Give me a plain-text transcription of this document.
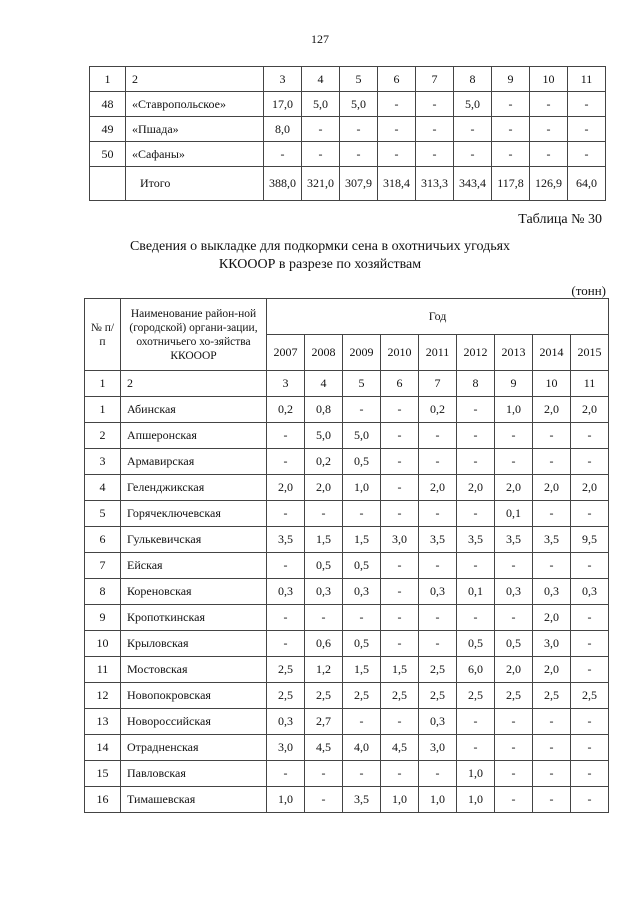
127
1	2	3	4	5	6	7	8	9	10	11
48	«Ставропольское»	17,0	5,0	5,0	-	-	5,0	-	-	-
49	«Пшада»	8,0	-	-	-	-	-	-	-	-
50	«Сафаны»	-	-	-	-	-	-	-	-	-
	Итого	388,0	321,0	307,9	318,4	313,3	343,4	117,8	126,9	64,0
Таблица № 30
Сведения о выкладке для подкормки сена в охотничьих угодьях
ККОООР в разрезе по хозяйствам
(тонн)
№ п/п	Наименование район-ной (городской) органи-зации, охотничьего хо-зяйства ККОООР	Год								
		2007	2008	2009	2010	2011	2012	2013	2014	2015
1	2	3	4	5	6	7	8	9	10	11
1	Абинская	0,2	0,8	-	-	0,2	-	1,0	2,0	2,0
2	Апшеронская	-	5,0	5,0	-	-	-	-	-	-
3	Армавирская	-	0,2	0,5	-	-	-	-	-	-
4	Геленджикская	2,0	2,0	1,0	-	2,0	2,0	2,0	2,0	2,0
5	Горячеключевская	-	-	-	-	-	-	0,1	-	-
6	Гулькевичская	3,5	1,5	1,5	3,0	3,5	3,5	3,5	3,5	9,5
7	Ейская	-	0,5	0,5	-	-	-	-	-	-
8	Кореновская	0,3	0,3	0,3	-	0,3	0,1	0,3	0,3	0,3
9	Кропоткинская	-	-	-	-	-	-	-	2,0	-
10	Крыловская	-	0,6	0,5	-	-	0,5	0,5	3,0	-
11	Мостовская	2,5	1,2	1,5	1,5	2,5	6,0	2,0	2,0	-
12	Новопокровская	2,5	2,5	2,5	2,5	2,5	2,5	2,5	2,5	2,5
13	Новороссийская	0,3	2,7	-	-	0,3	-	-	-	-
14	Отрадненская	3,0	4,5	4,0	4,5	3,0	-	-	-	-
15	Павловская	-	-	-	-	-	1,0	-	-	-
16	Тимашевская	1,0	-	3,5	1,0	1,0	1,0	-	-	-
